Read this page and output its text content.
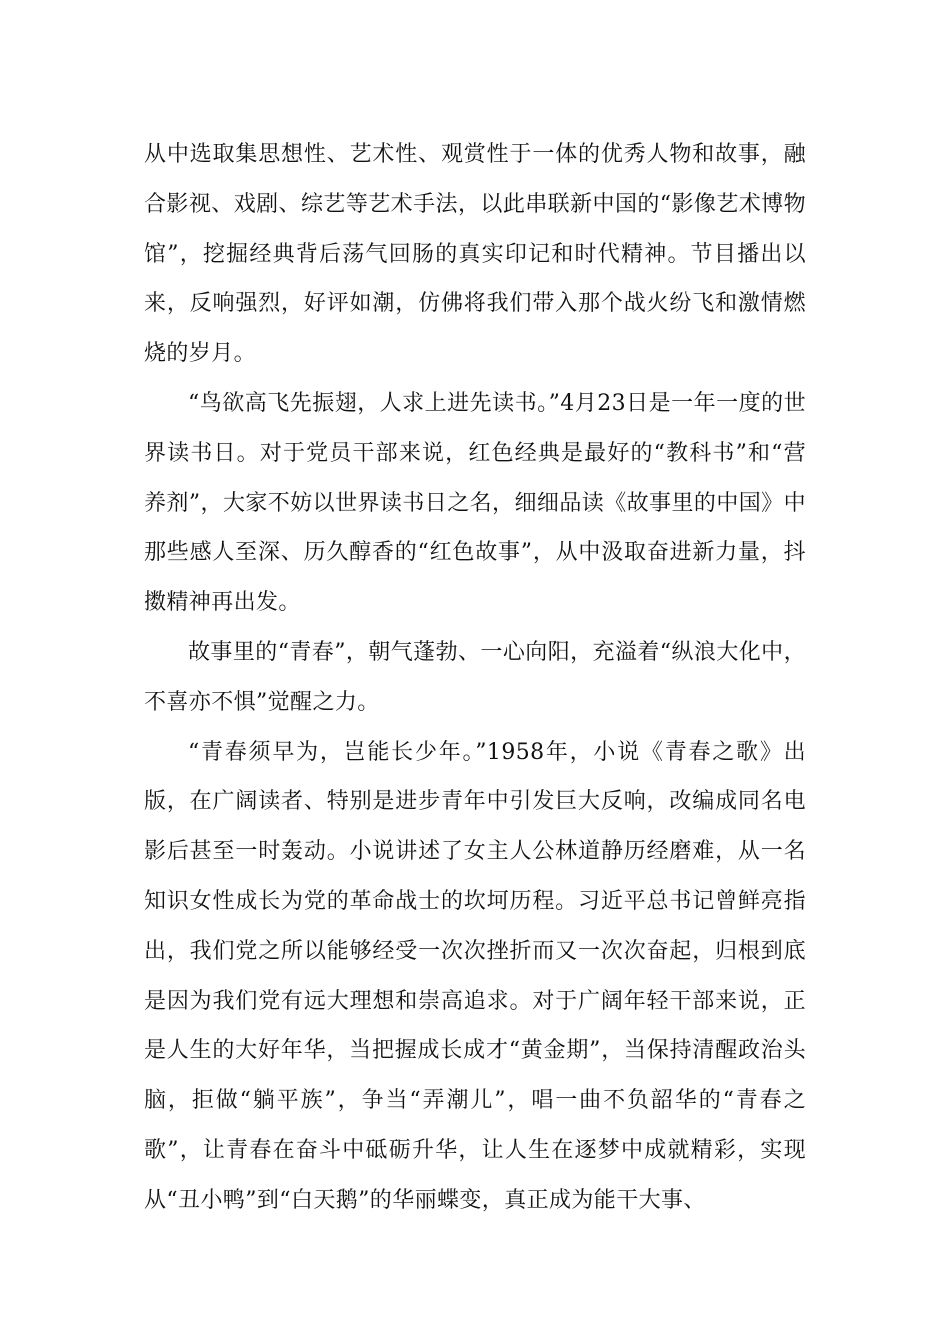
从中选取集思想性、艺术性、观赏性于一体的优秀人物和故事，融合影视、戏剧、综艺等艺术手法，以此串联新中国的“影像艺术博物馆”，挖掘经典背后荡气回肠的真实印记和时代精神。节目播出以来，反响强烈，好评如潮，仿佛将我们带入那个战火纷飞和激情燃烧的岁月。

“鸟欲高飞先振翅，人求上进先读书。”4月23日是一年一度的世界读书日。对于党员干部来说，红色经典是最好的“教科书”和“营养剂”，大家不妨以世界读书日之名，细细品读《故事里的中国》中那些感人至深、历久醇香的“红色故事”，从中汲取奋进新力量，抖擞精神再出发。

故事里的“青春”，朝气蓬勃、一心向阳，充溢着“纵浪大化中，不喜亦不惧”觉醒之力。

“青春须早为，岂能长少年。”1958年，小说《青春之歌》出版，在广阔读者、特别是进步青年中引发巨大反响，改编成同名电影后甚至一时轰动。小说讲述了女主人公林道静历经磨难，从一名知识女性成长为党的革命战士的坎坷历程。习近平总书记曾鲜亮指出，我们党之所以能够经受一次次挫折而又一次次奋起，归根到底是因为我们党有远大理想和崇高追求。对于广阔年轻干部来说，正是人生的大好年华，当把握成长成才“黄金期”，当保持清醒政治头脑，拒做“躺平族”，争当“弄潮儿”，唱一曲不负韶华的“青春之歌”，让青春在奋斗中砥砺升华，让人生在逐梦中成就精彩，实现从“丑小鸭”到“白天鹅”的华丽蝶变，真正成为能干大事、
